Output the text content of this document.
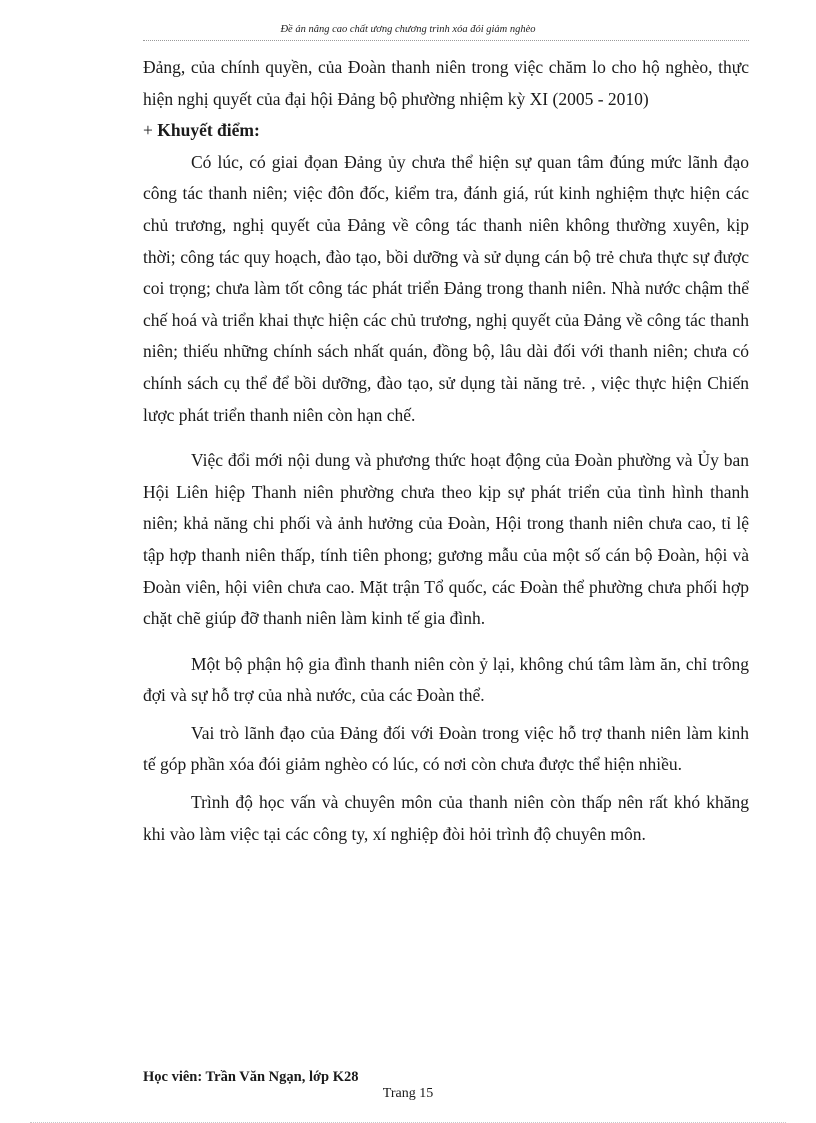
Đề án nâng cao chất ương chương trình xóa đói giảm nghèo

Đảng, của chính quyền, của Đoàn thanh niên trong việc chăm lo cho hộ nghèo, thực hiện nghị quyết của đại hội Đảng bộ phường nhiệm kỳ XI (2005 - 2010)

+ Khuyết điểm:

Có lúc, có giai đọan Đảng ủy chưa thể hiện sự quan tâm đúng mức lãnh đạo công tác thanh niên; việc đôn đốc, kiểm tra, đánh giá, rút kinh nghiệm thực hiện các chủ trương, nghị quyết của Đảng về công tác thanh niên không thường xuyên, kịp thời; công tác quy hoạch, đào tạo, bồi dưỡng và sử dụng cán bộ trẻ chưa thực sự được coi trọng; chưa làm tốt công tác phát triển Đảng trong thanh niên. Nhà nước chậm thể chế hoá và triển khai thực hiện các chủ trương, nghị quyết của Đảng về công tác thanh niên; thiếu những chính sách nhất quán, đồng bộ, lâu dài đối với thanh niên; chưa có chính sách cụ thể để bồi dưỡng, đào tạo, sử dụng tài năng trẻ. , việc thực hiện Chiến lược phát triển thanh niên còn hạn chế.

Việc đổi mới nội dung và phương thức hoạt động của Đoàn phường và Ủy ban Hội Liên hiệp Thanh niên phường chưa theo kịp sự phát triển của tình hình thanh niên; khả năng chi phối và ảnh hưởng của Đoàn, Hội trong thanh niên chưa cao, tỉ lệ tập hợp thanh niên thấp, tính tiên phong; gương mẫu của một số cán bộ Đoàn, hội và Đoàn viên, hội viên chưa cao. Mặt trận Tổ quốc, các Đoàn thể phường chưa phối hợp chặt chẽ giúp đỡ thanh niên làm kinh tế gia đình.

Một bộ phận hộ gia đình thanh niên còn ỷ lại, không chú tâm làm ăn, chỉ trông đợi và sự hỗ trợ của nhà nước, của các Đoàn thể.

Vai trò lãnh đạo của Đảng đối với Đoàn trong việc hỗ trợ thanh niên làm kinh tế góp phần xóa đói giảm nghèo có lúc, có nơi còn chưa được thể hiện nhiều.

Trình độ học vấn và chuyên môn của thanh niên còn thấp nên rất khó khăng khi vào làm việc tại các công ty, xí nghiệp đòi hỏi trình độ chuyên môn.

Học viên: Trần Văn Ngạn, lớp K28
Trang 15
